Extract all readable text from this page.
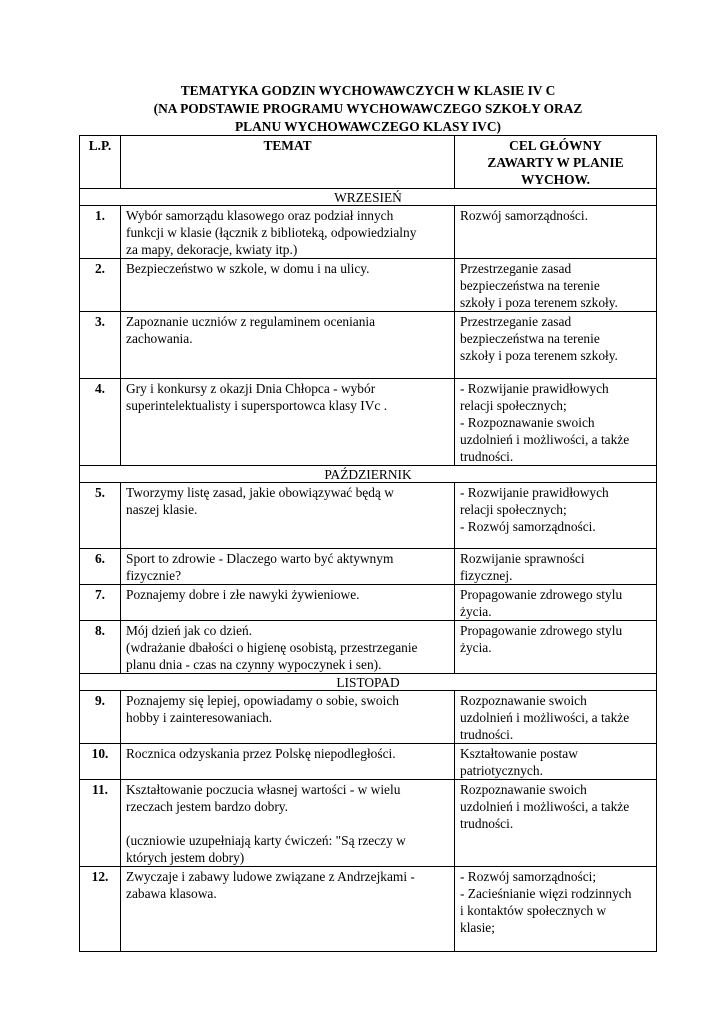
TEMATYKA GODZIN WYCHOWAWCZYCH W KLASIE IV C
(NA PODSTAWIE PROGRAMU WYCHOWAWCZEGO SZKOŁY ORAZ
PLANU WYCHOWAWCZEGO KLASY IVC)
L.P.	TEMAT	CEL GŁÓWNY
ZAWARTY W PLANIE
WYCHOW.

WRZESIEŃ		
1.	Wybór samorządu klasowego oraz podział innych
funkcji w klasie (łącznik z biblioteką, odpowiedzialny
za mapy, dekoracje, kwiaty itp.)	Rozwój samorządności.

2.	Bezpieczeństwo w szkole, w domu i na ulicy.	Przestrzeganie zasad
bezpieczeństwa na terenie
szkoły i poza terenem szkoły.

3.	Zapoznanie uczniów z regulaminem oceniania
zachowania.	Przestrzeganie zasad
bezpieczeństwa na terenie
szkoły i poza terenem szkoły.

4.	Gry i konkursy z okazji Dnia Chłopca - wybór
superintelektualisty i supersportowca klasy IVc .	- Rozwijanie prawidłowych
relacji społecznych;
- Rozpoznawanie swoich
uzdolnień i możliwości, a także
trudności.

PAŹDZIERNIK		
5.	Tworzymy listę zasad, jakie obowiązywać będą w
naszej klasie.	- Rozwijanie prawidłowych
relacji społecznych;
- Rozwój samorządności.

6.	Sport to zdrowie - Dlaczego warto być aktywnym
fizycznie?	Rozwijanie sprawności
fizycznej.

7.	Poznajemy dobre i złe nawyki żywieniowe.	Propagowanie zdrowego stylu
życia.

8.	Mój dzień jak co dzień.
(wdrażanie dbałości o higienę osobistą, przestrzeganie
planu dnia - czas na czynny wypoczynek i sen).	Propagowanie zdrowego stylu
życia.

LISTOPAD		
9.	Poznajemy się lepiej, opowiadamy o sobie, swoich
hobby i zainteresowaniach.	Rozpoznawanie swoich
uzdolnień i możliwości, a także
trudności.

10.	Rocznica odzyskania przez Polskę niepodległości.	Kształtowanie postaw
patriotycznych.

11.	Kształtowanie poczucia własnej wartości - w wielu
rzeczach jestem bardzo dobry.
(uczniowie uzupełniają karty ćwiczeń: "Są rzeczy w
których jestem dobry)	Rozpoznawanie swoich
uzdolnień i możliwości, a także
trudności.

12.	Zwyczaje i zabawy ludowe związane z Andrzejkami -
zabawa klasowa.	- Rozwój samorządności;
- Zacieśnianie więzi rodzinnych
i kontaktów społecznych w
klasie;
